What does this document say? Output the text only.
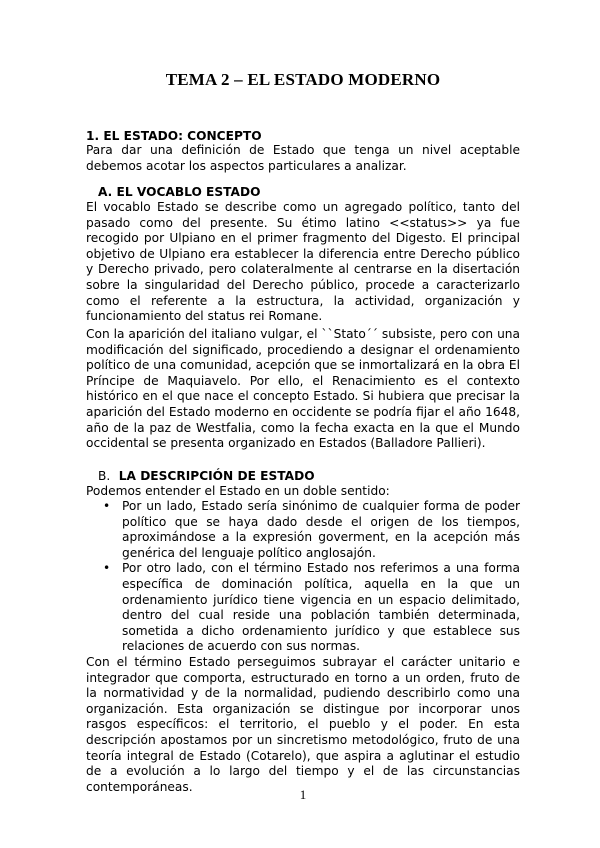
TEMA 2 – EL ESTADO MODERNO
1. EL ESTADO: CONCEPTO

Para dar una definición de Estado que tenga un nivel aceptable debemos acotar los aspectos particulares a analizar.

A. EL VOCABLO ESTADO

El vocablo Estado se describe como un agregado político, tanto del pasado como del presente. Su étimo latino <<status>> ya fue recogido por Ulpiano en el primer fragmento del Digesto. El principal objetivo de Ulpiano era establecer la diferencia entre Derecho público y Derecho privado, pero colateralmente al centrarse en la disertación sobre la singularidad del Derecho público, procede a caracterizarlo como el referente a la estructura, la actividad, organización y funcionamiento del status rei Romane.

Con la aparición del italiano vulgar, el ``Stato´´ subsiste, pero con una modificación del significado, procediendo a designar el ordenamiento político de una comunidad, acepción que se inmortalizará en la obra El Príncipe de Maquiavelo. Por ello, el Renacimiento es el contexto histórico en el que nace el concepto Estado. Si hubiera que precisar la aparición del Estado moderno en occidente se podría fijar el año 1648, año de la paz de Westfalia, como la fecha exacta en la que el Mundo occidental se presenta organizado en Estados (Balladore Pallieri).

B. LA DESCRIPCIÓN DE ESTADO

Podemos entender el Estado en un doble sentido:

• Por un lado, Estado sería sinónimo de cualquier forma de poder político que se haya dado desde el origen de los tiempos, aproximándose a la expresión goverment, en la acepción más genérica del lenguaje político anglosajón.
• Por otro lado, con el término Estado nos referimos a una forma específica de dominación política, aquella en la que un ordenamiento jurídico tiene vigencia en un espacio delimitado, dentro del cual reside una población también determinada, sometida a dicho ordenamiento jurídico y que establece sus relaciones de acuerdo con sus normas.

Con el término Estado perseguimos subrayar el carácter unitario e integrador que comporta, estructurado en torno a un orden, fruto de la normatividad y de la normalidad, pudiendo describirlo como una organización. Esta organización se distingue por incorporar unos rasgos específicos: el territorio, el pueblo y el poder. En esta descripción apostamos por un sincretismo metodológico, fruto de una teoría integral de Estado (Cotarelo), que aspira a aglutinar el estudio de a evolución a lo largo del tiempo y el de las circunstancias contemporáneas.

1
